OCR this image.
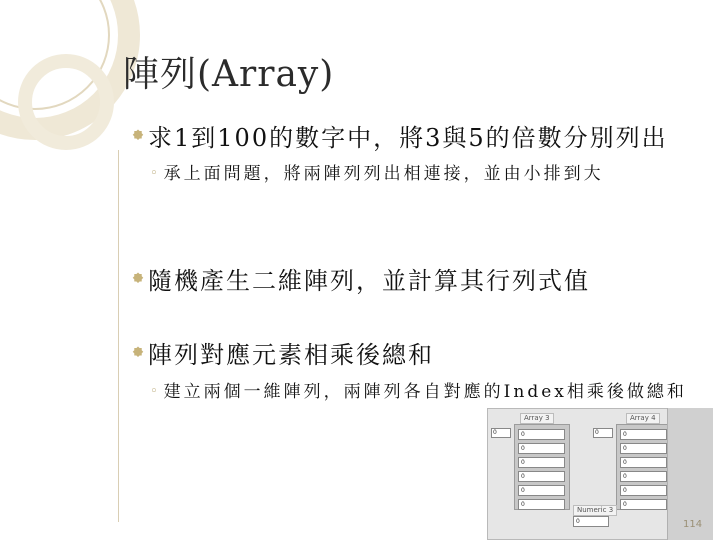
陣列(Array)
🟐 求1到100的數字中，將3與5的倍數分別列出
◦ 承上面問題，將兩陣列列出相連接，並由小排到大
🟐 隨機產生二維陣列，並計算其行列式值
🟐 陣列對應元素相乘後總和
◦ 建立兩個一維陣列，兩陣列各自對應的Index相乘後做總和
Array 3
0	0
0
0
0
0
0
Array 4
0	0
0
0
0
0
0
Numeric 3
0	114
